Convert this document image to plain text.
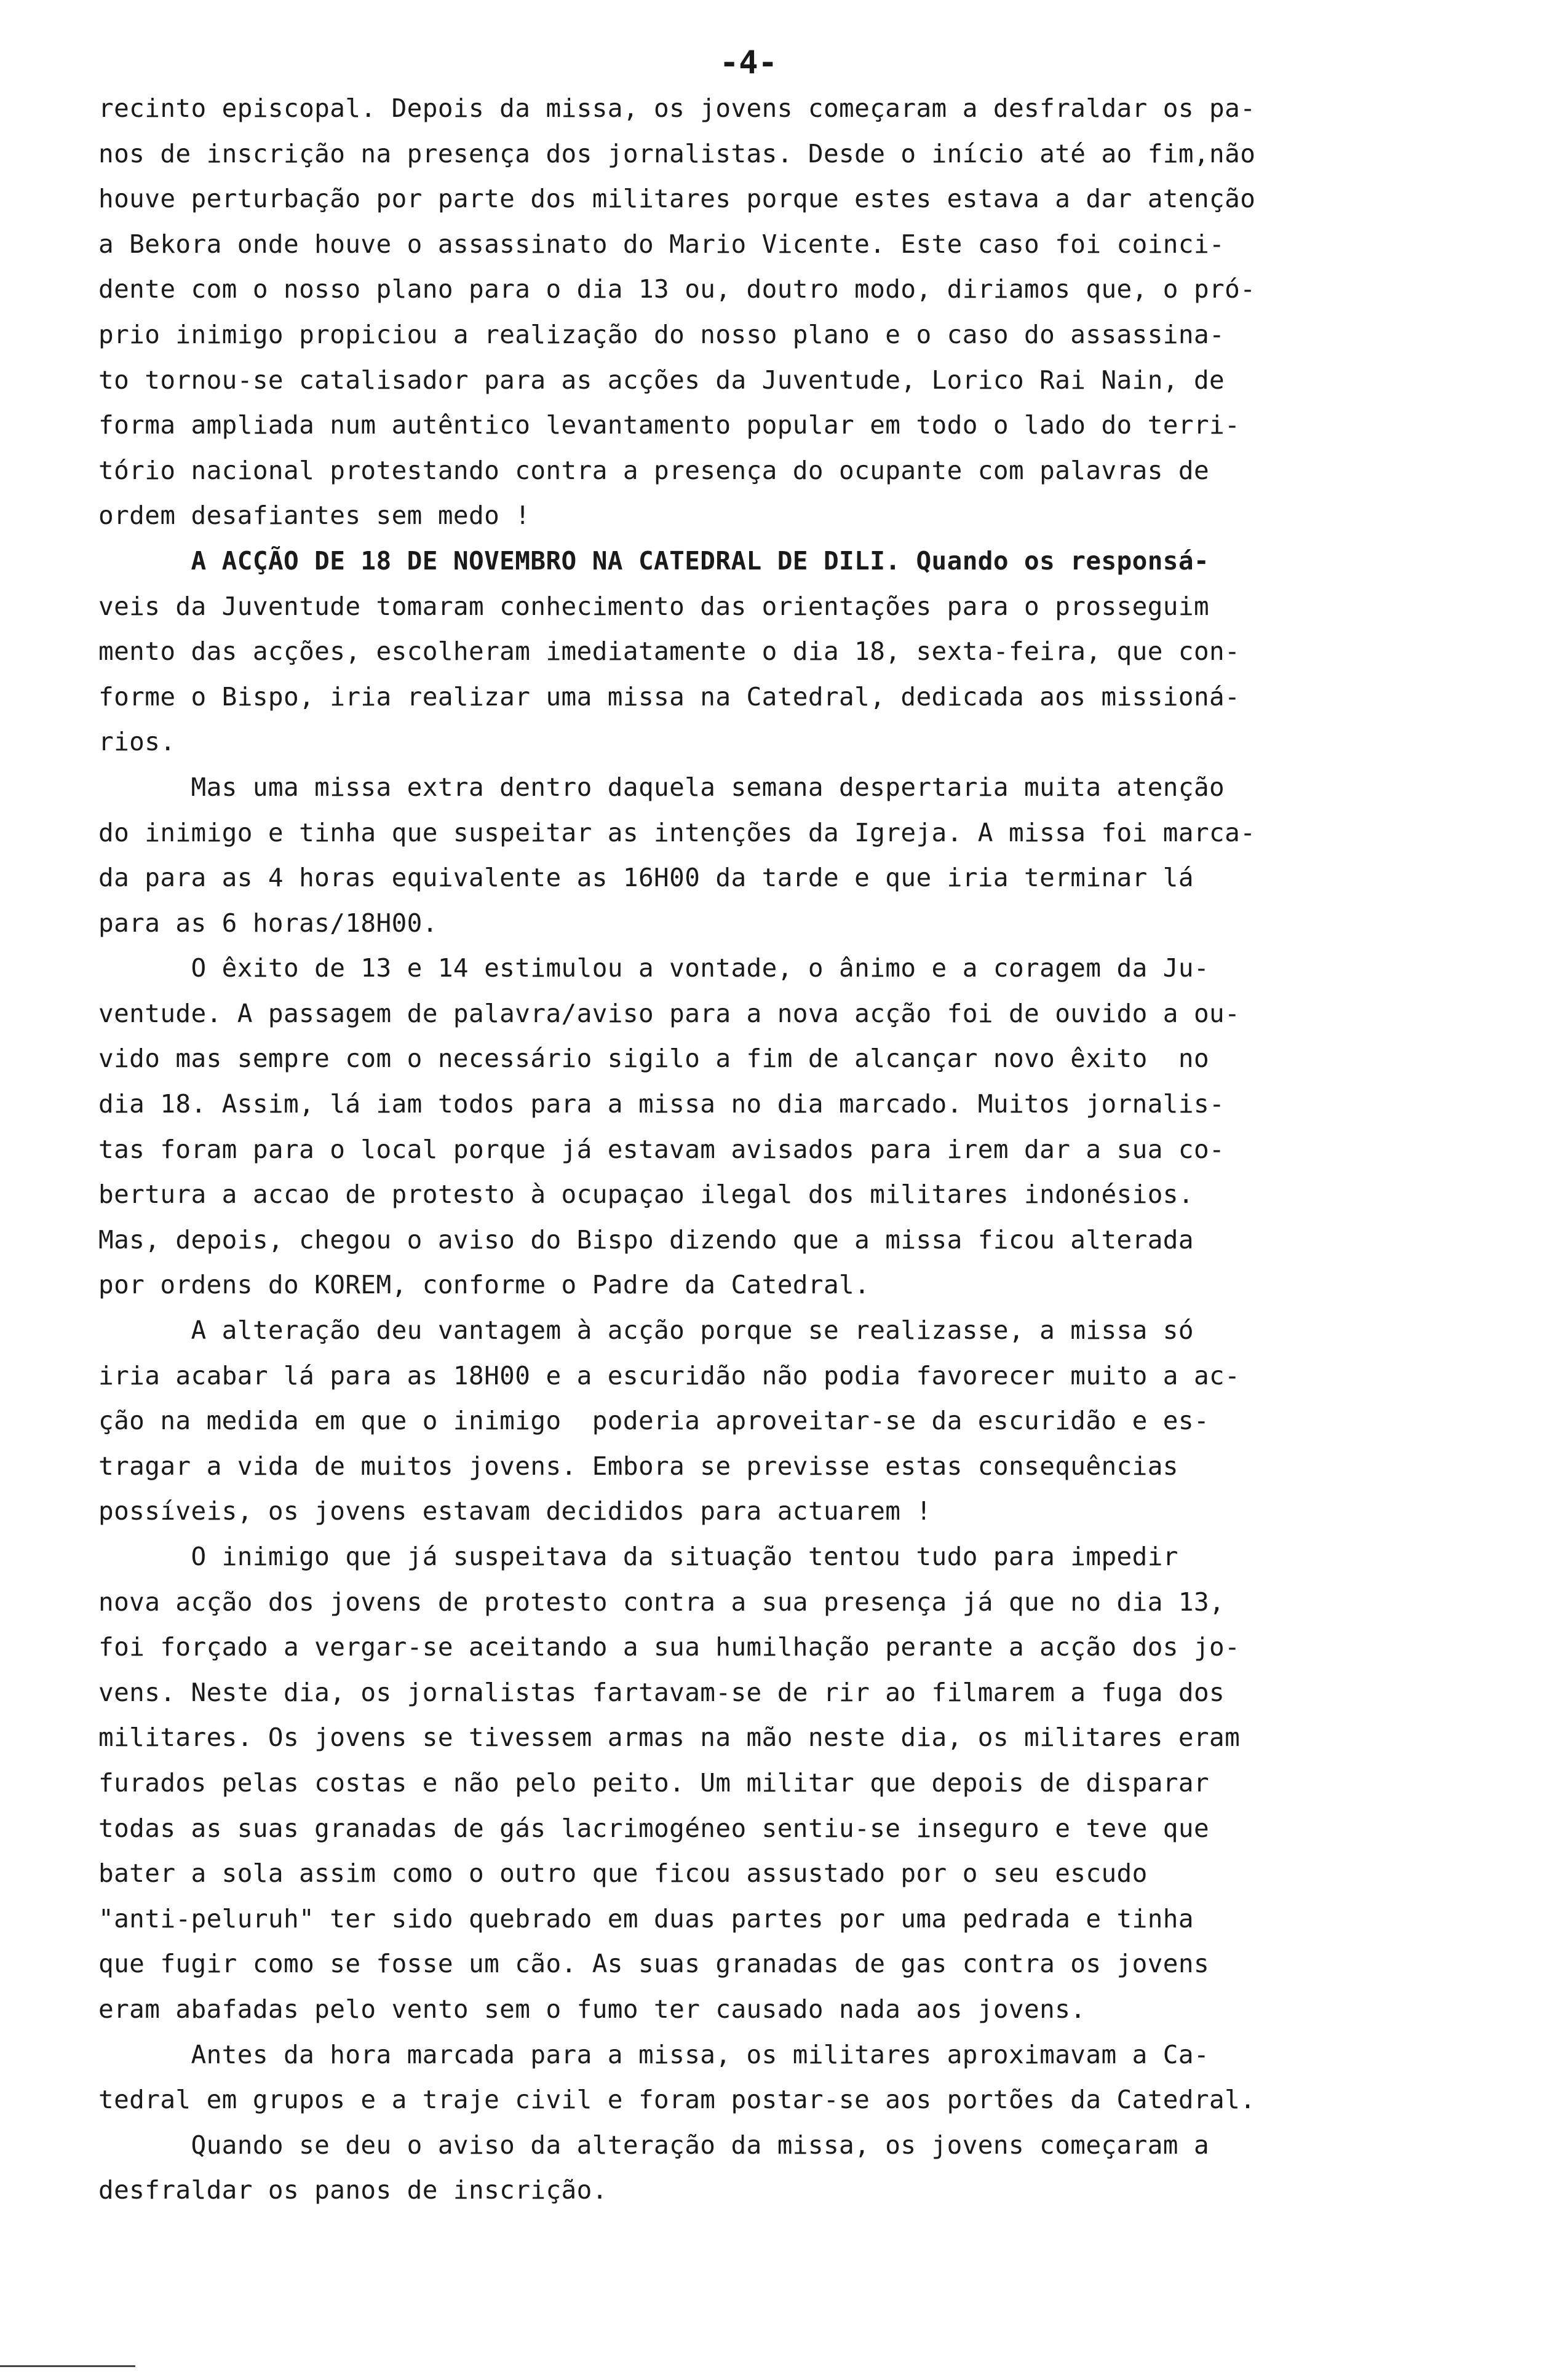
-4-
recinto episcopal. Depois da missa, os jovens começaram a desfraldar os pa-
nos de inscrição na presença dos jornalistas. Desde o início até ao fim,não
houve perturbação por parte dos militares porque estes estava a dar atenção
a Bekora onde houve o assassinato do Mario Vicente. Este caso foi coinci-
dente com o nosso plano para o dia 13 ou, doutro modo, diriamos que, o pró-
prio inimigo propiciou a realização do nosso plano e o caso do assassina-
to tornou-se catalisador para as acções da Juventude, Lorico Rai Nain, de
forma ampliada num autêntico levantamento popular em todo o lado do terri-
tório nacional protestando contra a presença do ocupante com palavras de
ordem desafiantes sem medo !
A ACÇÃO DE 18 DE NOVEMBRO NA CATEDRAL DE DILI. Quando os responsá-
veis da Juventude tomaram conhecimento das orientações para o prosseguim
mento das acções, escolheram imediatamente o dia 18, sexta-feira, que con-
forme o Bispo, iria realizar uma missa na Catedral, dedicada aos missioná-
rios.
Mas uma missa extra dentro daquela semana despertaria muita atenção
do inimigo e tinha que suspeitar as intenções da Igreja. A missa foi marca-
da para as 4 horas equivalente as 16H00 da tarde e que iria terminar lá
para as 6 horas/18H00.
O êxito de 13 e 14 estimulou a vontade, o ânimo e a coragem da Ju-
ventude. A passagem de palavra/aviso para a nova acção foi de ouvido a ou-
vido mas sempre com o necessário sigilo a fim de alcançar novo êxito  no
dia 18. Assim, lá iam todos para a missa no dia marcado. Muitos jornalis-
tas foram para o local porque já estavam avisados para irem dar a sua co-
bertura a accao de protesto à ocupaçao ilegal dos militares indonésios.
Mas, depois, chegou o aviso do Bispo dizendo que a missa ficou alterada
por ordens do KOREM, conforme o Padre da Catedral.
A alteração deu vantagem à acção porque se realizasse, a missa só
iria acabar lá para as 18H00 e a escuridão não podia favorecer muito a ac-
ção na medida em que o inimigo  poderia aproveitar-se da escuridão e es-
tragar a vida de muitos jovens. Embora se previsse estas consequências
possíveis, os jovens estavam decididos para actuarem !
O inimigo que já suspeitava da situação tentou tudo para impedir
nova acção dos jovens de protesto contra a sua presença já que no dia 13,
foi forçado a vergar-se aceitando a sua humilhação perante a acção dos jo-
vens. Neste dia, os jornalistas fartavam-se de rir ao filmarem a fuga dos
militares. Os jovens se tivessem armas na mão neste dia, os militares eram
furados pelas costas e não pelo peito. Um militar que depois de disparar
todas as suas granadas de gás lacrimogéneo sentiu-se inseguro e teve que
bater a sola assim como o outro que ficou assustado por o seu escudo
"anti-peluruh" ter sido quebrado em duas partes por uma pedrada e tinha
que fugir como se fosse um cão. As suas granadas de gas contra os jovens
eram abafadas pelo vento sem o fumo ter causado nada aos jovens.
Antes da hora marcada para a missa, os militares aproximavam a Ca-
tedral em grupos e a traje civil e foram postar-se aos portões da Catedral.
Quando se deu o aviso da alteração da missa, os jovens começaram a
desfraldar os panos de inscrição.
